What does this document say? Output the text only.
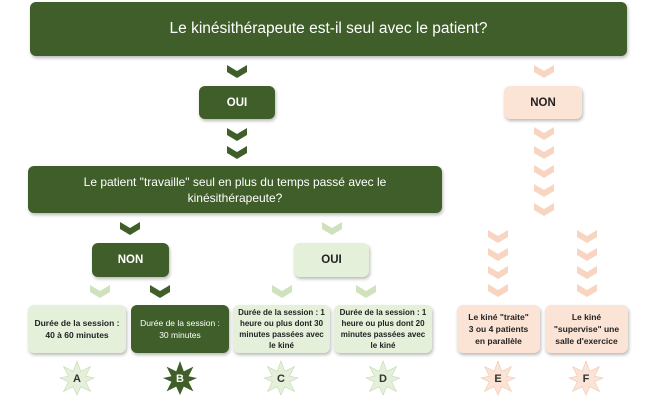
Le kinésithérapeute est-il seul avec le patient?
OUI	NON
Le patient "travaille" seul en plus du temps passé avec le kinésithérapeute?
NON	OUI
Durée de la session : 40 à 60 minutes
Durée de la session : 30 minutes
Durée de la session : 1 heure ou plus dont 30 minutes passées avec le kiné
Durée de la session : 1 heure ou plus dont 20 minutes passées avec le kiné
Le kiné "traite" 3 ou 4 patients en parallèle
Le kiné "supervise" une salle d'exercice
A	B	C	D	E	F
